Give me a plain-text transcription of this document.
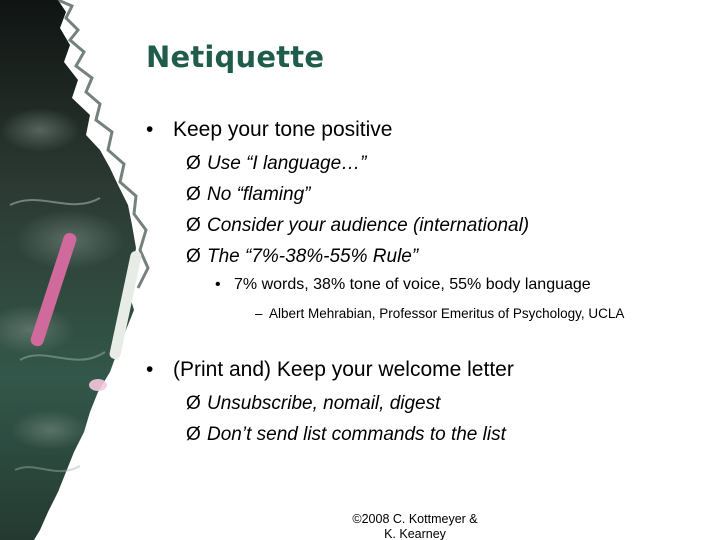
Netiquette
• Keep your tone positive
Ø Use “I language…”
Ø No “flaming”
Ø Consider your audience (international)
Ø The “7%-38%-55% Rule”
• 7% words, 38% tone of voice, 55% body language
– Albert Mehrabian, Professor Emeritus of Psychology, UCLA
• (Print and) Keep your welcome letter
Ø Unsubscribe, nomail, digest
Ø Don’t send list commands to the list
©2008 C. Kottmeyer &
K. Kearney
